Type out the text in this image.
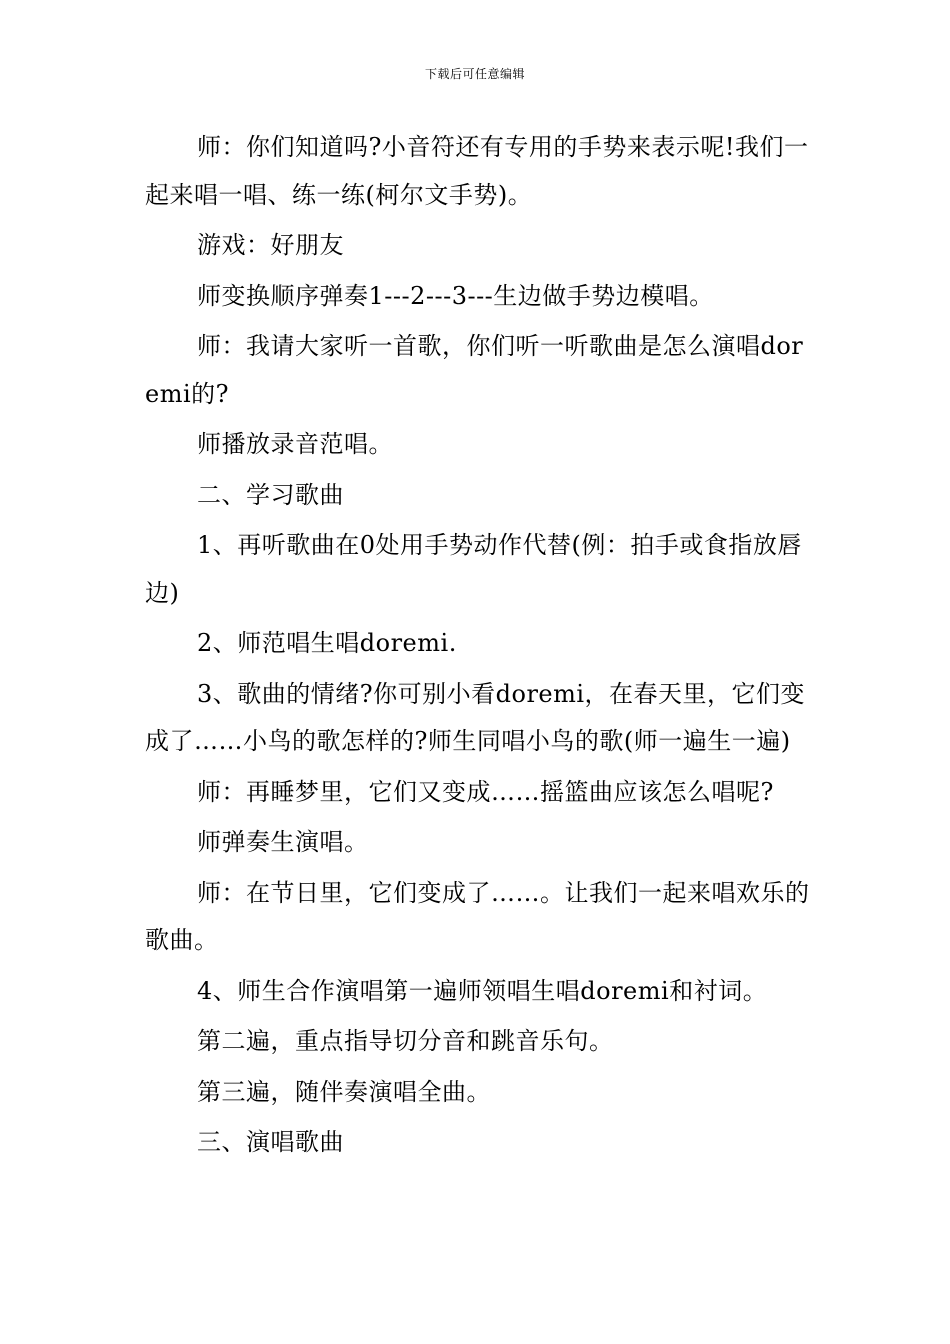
下载后可任意编辑

师：你们知道吗?小音符还有专用的手势来表示呢!我们一起来唱一唱、练一练(柯尔文手势)。

游戏：好朋友

师变换顺序弹奏1---2---3---生边做手势边模唱。

师：我请大家听一首歌，你们听一听歌曲是怎么演唱doremi的?

师播放录音范唱。

二、学习歌曲

1、再听歌曲在0处用手势动作代替(例：拍手或食指放唇边)

2、师范唱生唱doremi.

3、歌曲的情绪?你可别小看doremi，在春天里，它们变成了……小鸟的歌怎样的?师生同唱小鸟的歌(师一遍生一遍)

师：再睡梦里，它们又变成……摇篮曲应该怎么唱呢?

师弹奏生演唱。

师：在节日里，它们变成了……。让我们一起来唱欢乐的歌曲。

4、师生合作演唱第一遍师领唱生唱doremi和衬词。

第二遍，重点指导切分音和跳音乐句。

第三遍，随伴奏演唱全曲。

三、演唱歌曲
